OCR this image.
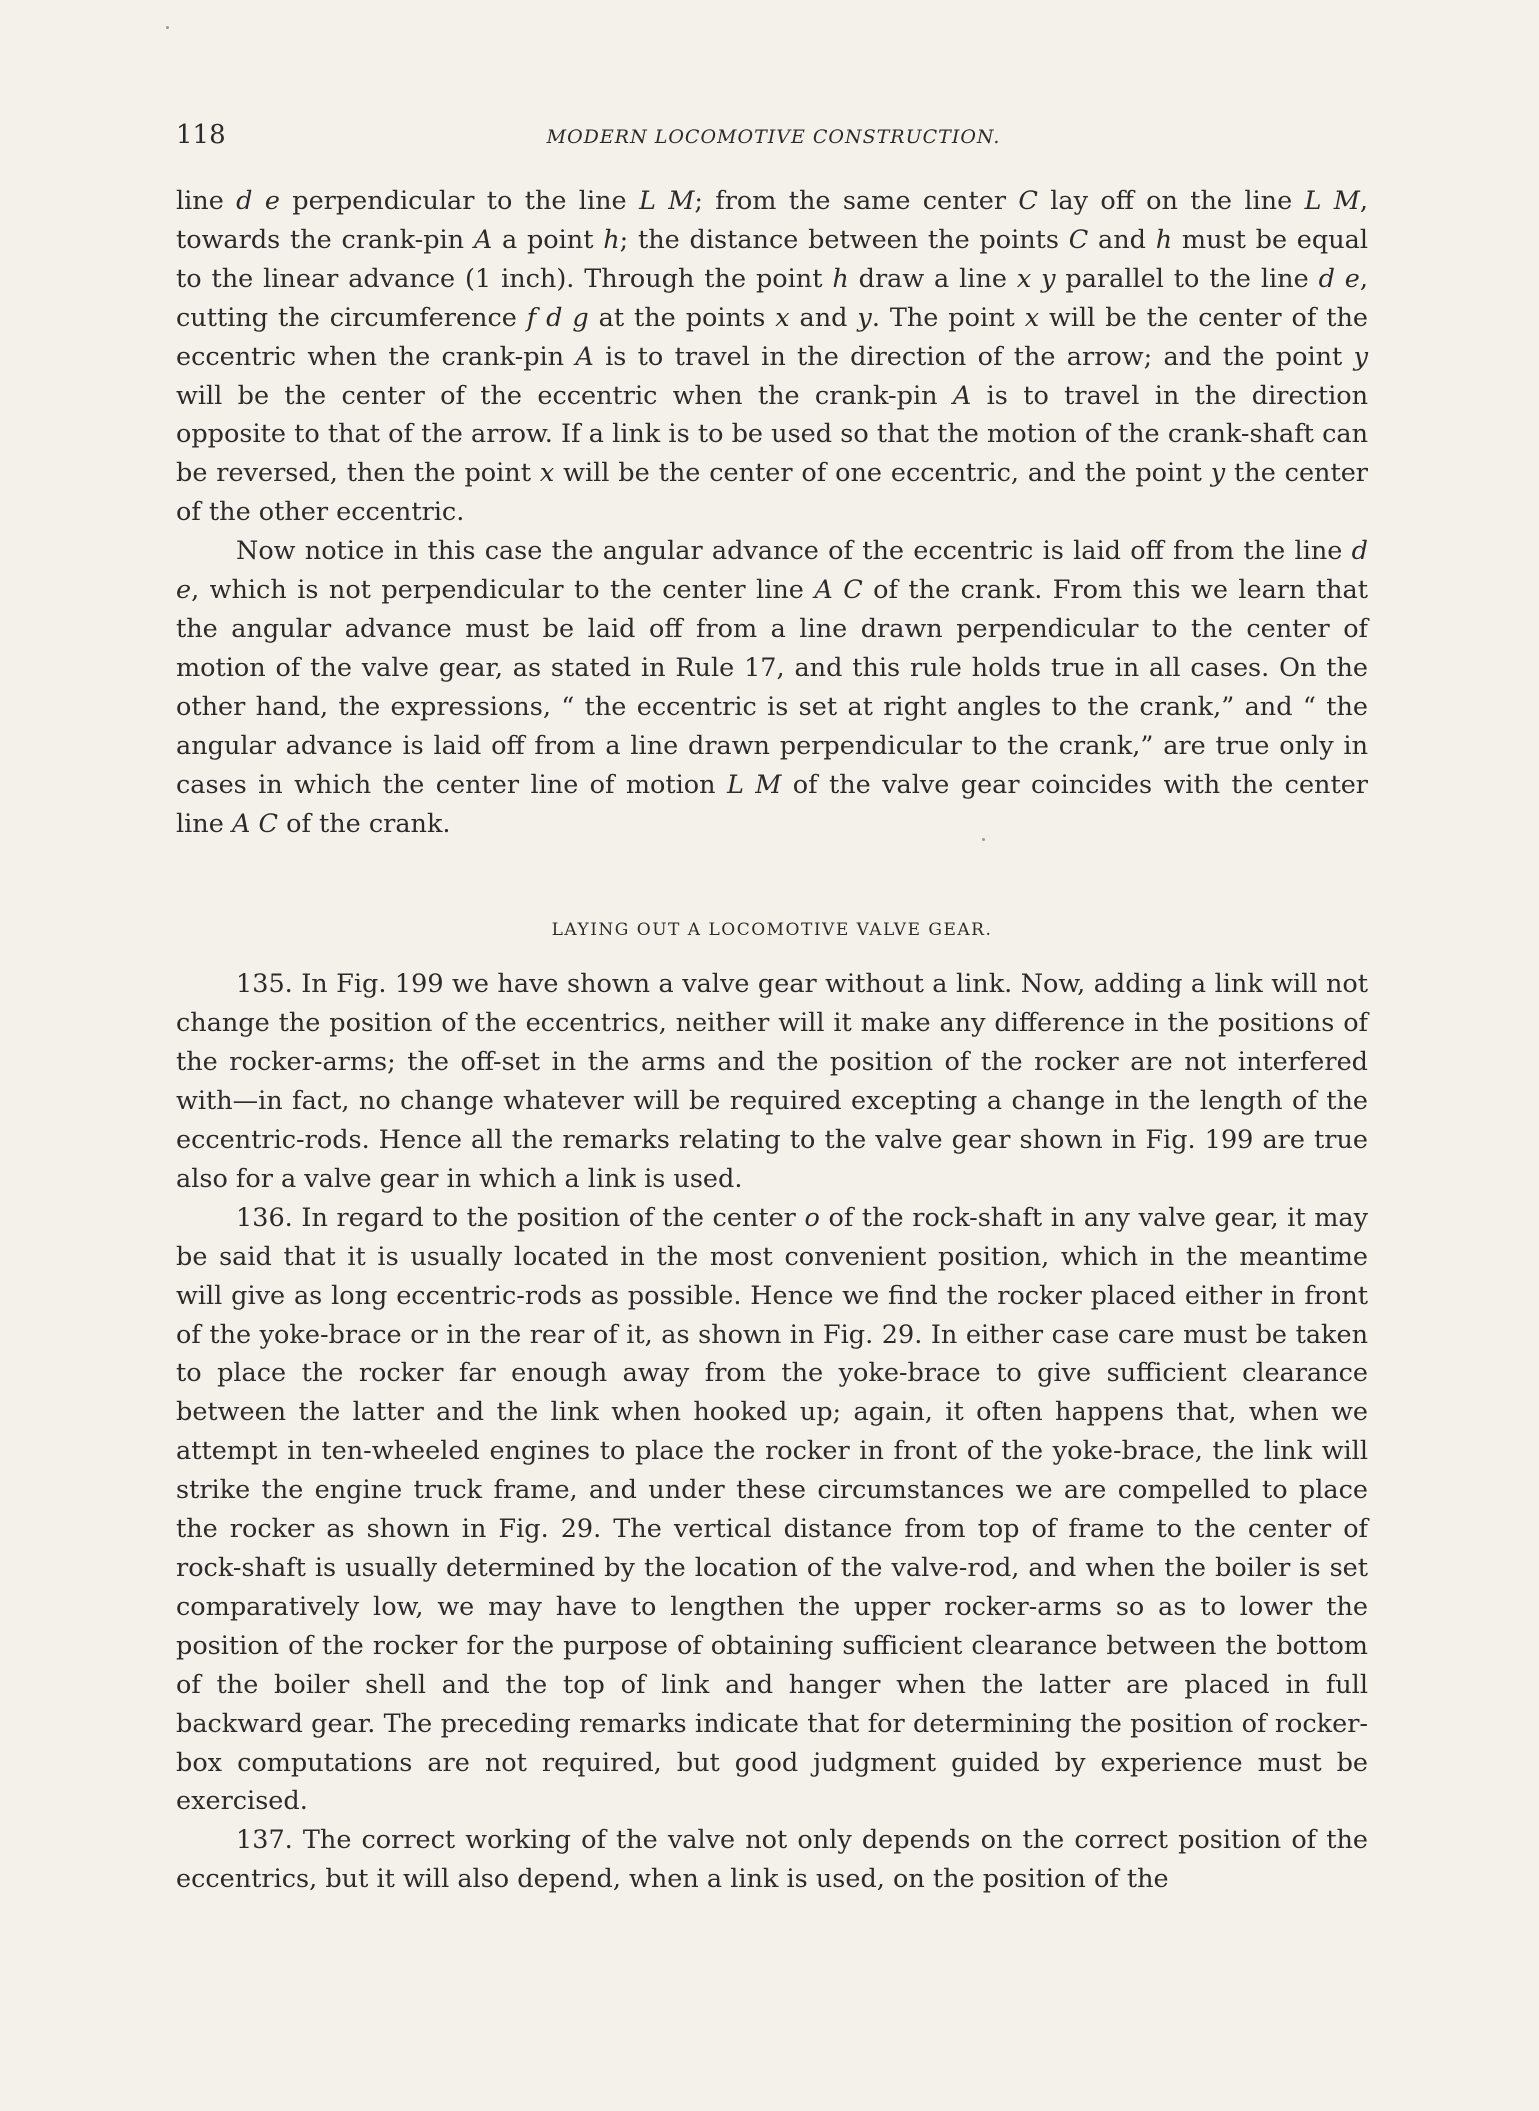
118	MODERN LOCOMOTIVE CONSTRUCTION.

line d e perpendicular to the line L M; from the same center C lay off on the line L M, towards the crank-pin A a point h; the distance between the points C and h must be equal to the linear advance (1 inch). Through the point h draw a line x y parallel to the line d e, cutting the circumference f d g at the points x and y. The point x will be the center of the eccentric when the crank-pin A is to travel in the direction of the arrow; and the point y will be the center of the eccentric when the crank-pin A is to travel in the direction opposite to that of the arrow. If a link is to be used so that the motion of the crank-shaft can be reversed, then the point x will be the center of one eccentric, and the point y the center of the other eccentric.

Now notice in this case the angular advance of the eccentric is laid off from the line d e, which is not perpendicular to the center line A C of the crank. From this we learn that the angular advance must be laid off from a line drawn perpendicular to the center of motion of the valve gear, as stated in Rule 17, and this rule holds true in all cases. On the other hand, the expressions, “ the eccentric is set at right angles to the crank,” and “ the angular advance is laid off from a line drawn perpendicular to the crank,” are true only in cases in which the center line of motion L M of the valve gear coincides with the center line A C of the crank.

LAYING OUT A LOCOMOTIVE VALVE GEAR.

135. In Fig. 199 we have shown a valve gear without a link. Now, adding a link will not change the position of the eccentrics, neither will it make any difference in the positions of the rocker-arms; the off-set in the arms and the position of the rocker are not interfered with—in fact, no change whatever will be required excepting a change in the length of the eccentric-rods. Hence all the remarks relating to the valve gear shown in Fig. 199 are true also for a valve gear in which a link is used.

136. In regard to the position of the center o of the rock-shaft in any valve gear, it may be said that it is usually located in the most convenient position, which in the meantime will give as long eccentric-rods as possible. Hence we find the rocker placed either in front of the yoke-brace or in the rear of it, as shown in Fig. 29. In either case care must be taken to place the rocker far enough away from the yoke-brace to give sufficient clearance between the latter and the link when hooked up; again, it often happens that, when we attempt in ten-wheeled engines to place the rocker in front of the yoke-brace, the link will strike the engine truck frame, and under these circumstances we are compelled to place the rocker as shown in Fig. 29. The vertical distance from top of frame to the center of rock-shaft is usually determined by the location of the valve-rod, and when the boiler is set comparatively low, we may have to lengthen the upper rocker-arms so as to lower the position of the rocker for the purpose of obtaining sufficient clearance between the bottom of the boiler shell and the top of link and hanger when the latter are placed in full backward gear. The preceding remarks indicate that for determining the position of rocker-box computations are not required, but good judgment guided by experience must be exercised.

137. The correct working of the valve not only depends on the correct position of the eccentrics, but it will also depend, when a link is used, on the position of the
